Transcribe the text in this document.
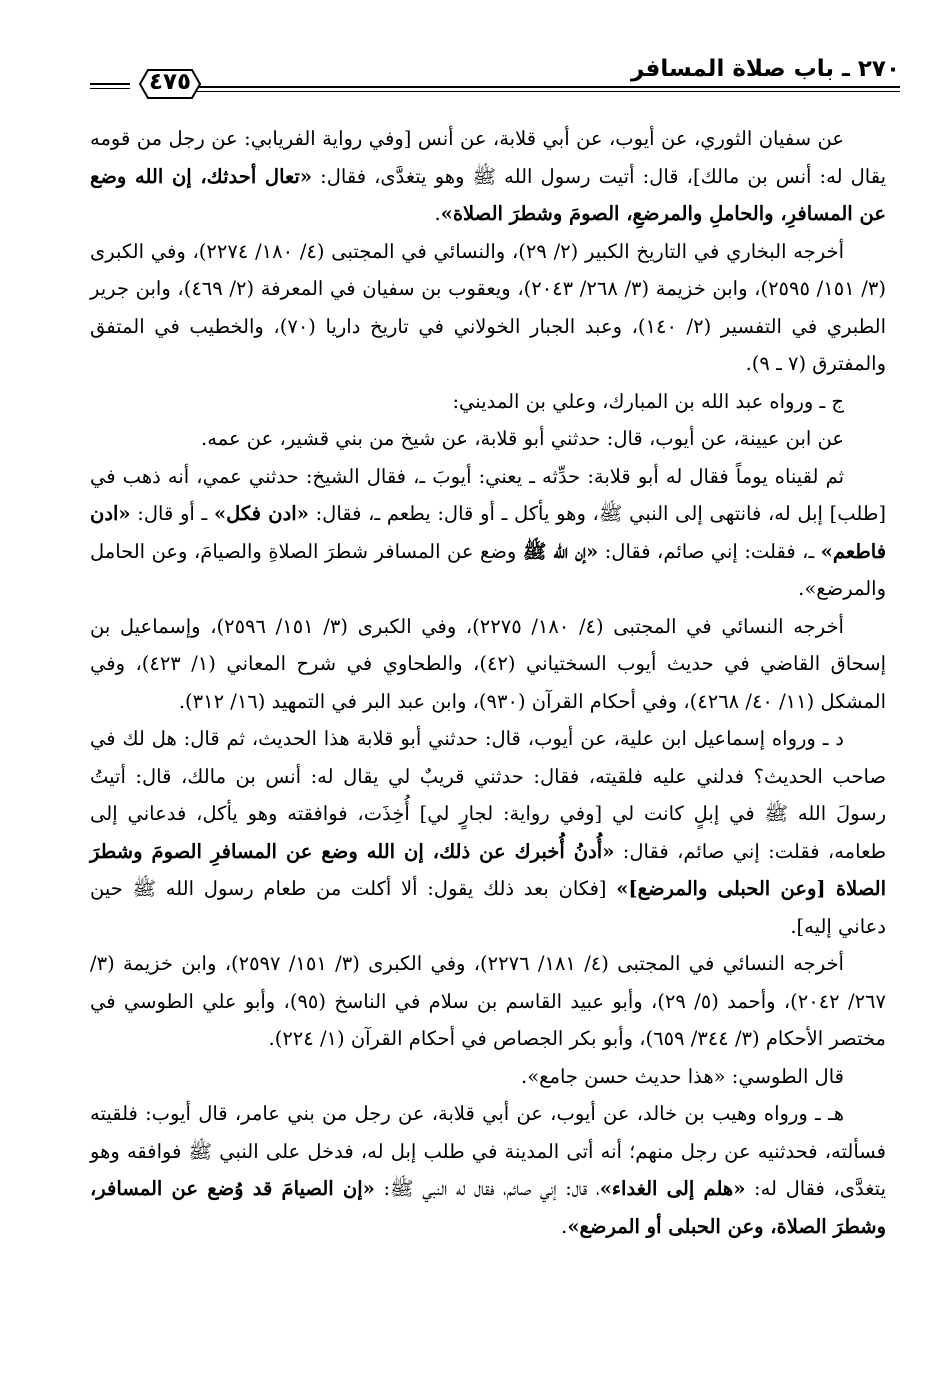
٢٧٠ ـ باب صلاة المسافر
٤٧٥

عن سفيان الثوري، عن أيوب، عن أبي قلابة، عن أنس [وفي رواية الفريابي: عن رجل من قومه يقال له: أنس بن مالك]، قال: أتيت رسول الله ﷺ وهو يتغدَّى، فقال: «تعال أحدثك، إن الله وضع عن المسافرِ، والحاملِ والمرضعِ، الصومَ وشطرَ الصلاة».

أخرجه البخاري في التاريخ الكبير (٢/ ٢٩)، والنسائي في المجتبى (٤/ ١٨٠/ ٢٢٧٤)، وفي الكبرى (٣/ ١٥١/ ٢٥٩٥)، وابن خزيمة (٣/ ٢٦٨/ ٢٠٤٣)، ويعقوب بن سفيان في المعرفة (٢/ ٤٦٩)، وابن جرير الطبري في التفسير (٢/ ١٤٠)، وعبد الجبار الخولاني في تاريخ داريا (٧٠)، والخطيب في المتفق والمفترق (٧ ـ ٩).

ج ـ ورواه عبد الله بن المبارك، وعلي بن المديني:

عن ابن عيينة، عن أيوب، قال: حدثني أبو قلابة، عن شيخ من بني قشير، عن عمه.

ثم لقيناه يوماً فقال له أبو قلابة: حدِّثه ـ يعني: أيوبَ ـ، فقال الشيخ: حدثني عمي، أنه ذهب في [طلب] إبل له، فانتهى إلى النبي ﷺ، وهو يأكل ـ أو قال: يطعم ـ، فقال: «ادن فكل» ـ أو قال: «ادن فاطعم» ـ، فقلت: إني صائم، فقال: «إن الله ﷺ وضع عن المسافر شطرَ الصلاةِ والصيامَ، وعن الحامل والمرضع».

أخرجه النسائي في المجتبى (٤/ ١٨٠/ ٢٢٧٥)، وفي الكبرى (٣/ ١٥١/ ٢٥٩٦)، وإسماعيل بن إسحاق القاضي في حديث أيوب السختياني (٤٢)، والطحاوي في شرح المعاني (١/ ٤٢٣)، وفي المشكل (١١/ ٤٠/ ٤٢٦٨)، وفي أحكام القرآن (٩٣٠)، وابن عبد البر في التمهيد (١٦/ ٣١٢).

د ـ ورواه إسماعيل ابن علية، عن أيوب، قال: حدثني أبو قلابة هذا الحديث، ثم قال: هل لك في صاحب الحديث؟ فدلني عليه فلقيته، فقال: حدثني قريبٌ لي يقال له: أنس بن مالك، قال: أتيتُ رسولَ الله ﷺ في إبلٍ كانت لي [وفي رواية: لجارٍ لي] أُخِذَت، فوافقته وهو يأكل، فدعاني إلى طعامه، فقلت: إني صائم، فقال: «أُدنُ أُخبرك عن ذلك، إن الله وضع عن المسافرِ الصومَ وشطرَ الصلاة [وعن الحبلى والمرضع]» [فكان بعد ذلك يقول: ألا أكلت من طعام رسول الله ﷺ حين دعاني إليه].

أخرجه النسائي في المجتبى (٤/ ١٨١/ ٢٢٧٦)، وفي الكبرى (٣/ ١٥١/ ٢٥٩٧)، وابن خزيمة (٣/ ٢٦٧/ ٢٠٤٢)، وأحمد (٥/ ٢٩)، وأبو عبيد القاسم بن سلام في الناسخ (٩٥)، وأبو علي الطوسي في مختصر الأحكام (٣/ ٣٤٤/ ٦٥٩)، وأبو بكر الجصاص في أحكام القرآن (١/ ٢٢٤).

قال الطوسي: «هذا حديث حسن جامع».

هـ ـ ورواه وهيب بن خالد، عن أيوب، عن أبي قلابة، عن رجل من بني عامر، قال أيوب: فلقيته فسألته، فحدثنيه عن رجل منهم؛ أنه أتى المدينة في طلب إبل له، فدخل على النبي ﷺ فوافقه وهو يتغدَّى، فقال له: «هلم إلى الغداء»، قال: إني صائم، فقال له النبي ﷺ: «إن الصيامَ قد وُضع عن المسافر، وشطرَ الصلاة، وعن الحبلى أو المرضع».
